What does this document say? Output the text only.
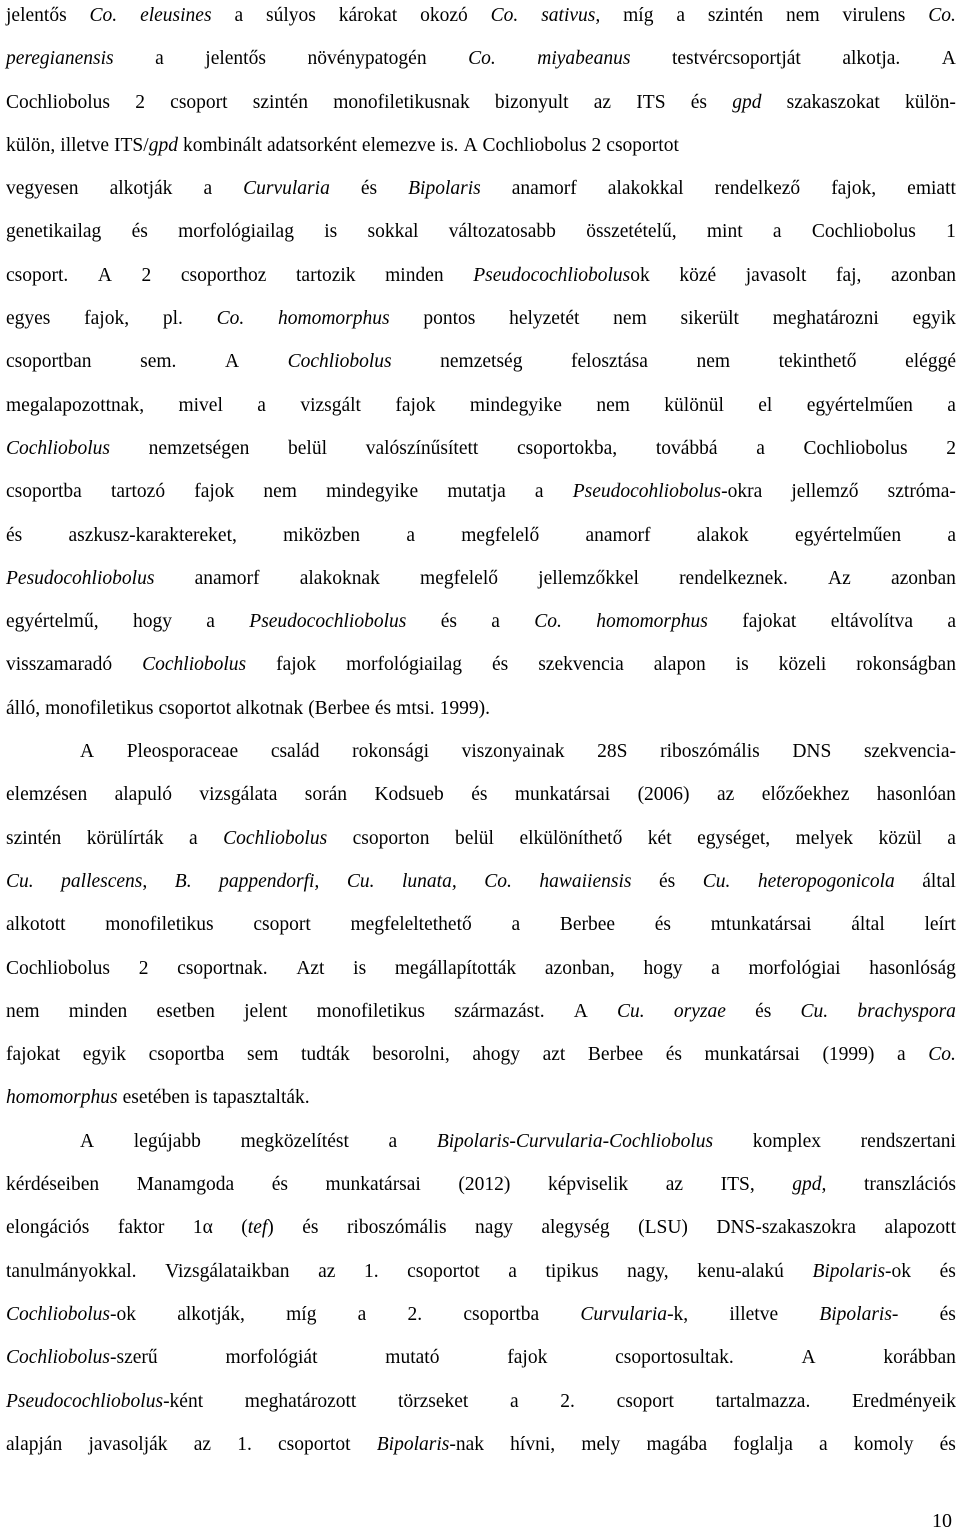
jelentős Co. eleusines a súlyos károkat okozó Co. sativus, míg a szintén nem virulens Co.
peregianensis a jelentős növénypatogén Co. miyabeanus testvércsoportját alkotja. A
Cochliobolus 2 csoport szintén monofiletikusnak bizonyult az ITS és gpd szakaszokat külön-
külön, illetve ITS/gpd kombinált adatsorként elemezve is. A Cochliobolus 2 csoportot
vegyesen alkotják a Curvularia és Bipolaris anamorf alakokkal rendelkező fajok, emiatt
genetikailag és morfológiailag is sokkal változatosabb összetételű, mint a Cochliobolus 1
csoport. A 2 csoporthoz tartozik minden Pseudocochliobolusok közé javasolt faj, azonban
egyes fajok, pl. Co. homomorphus pontos helyzetét nem sikerült meghatározni egyik
csoportban sem. A Cochliobolus nemzetség felosztása nem tekinthető eléggé
megalapozottnak, mivel a vizsgált fajok mindegyike nem különül el egyértelműen a
Cochliobolus nemzetségen belül valószínűsített csoportokba, továbbá a Cochliobolus 2
csoportba tartozó fajok nem mindegyike mutatja a Pseudocohliobolus-okra jellemző sztróma-
és aszkusz-karaktereket, miközben a megfelelő anamorf alakok egyértelműen a
Pesudocohliobolus anamorf alakoknak megfelelő jellemzőkkel rendelkeznek. Az azonban
egyértelmű, hogy a Pseudocochliobolus és a Co. homomorphus fajokat eltávolítva a
visszamaradó Cochliobolus fajok morfológiailag és szekvencia alapon is közeli rokonságban
álló, monofiletikus csoportot alkotnak (Berbee és mtsi. 1999).
A Pleosporaceae család rokonsági viszonyainak 28S riboszómális DNS szekvencia-
elemzésen alapuló vizsgálata során Kodsueb és munkatársai (2006) az előzőekhez hasonlóan
szintén körülírták a Cochliobolus csoporton belül elkülöníthető két egységet, melyek közül a
Cu. pallescens, B. pappendorfi, Cu. lunata, Co. hawaiiensis és Cu. heteropogonicola által
alkotott monofiletikus csoport megfeleltethető a Berbee és mtunkatársai által leírt
Cochliobolus 2 csoportnak. Azt is megállapították azonban, hogy a morfológiai hasonlóság
nem minden esetben jelent monofiletikus származást. A Cu. oryzae és Cu. brachyspora
fajokat egyik csoportba sem tudták besorolni, ahogy azt Berbee és munkatársai (1999) a Co.
homomorphus esetében is tapasztalták.
A legújabb megközelítést a Bipolaris-Curvularia-Cochliobolus komplex rendszertani
kérdéseiben Manamgoda és munkatársai (2012) képviselik az ITS, gpd, transzlációs
elongációs faktor 1α (tef) és riboszómális nagy alegység (LSU) DNS-szakaszokra alapozott
tanulmányokkal. Vizsgálataikban az 1. csoportot a tipikus nagy, kenu-alakú Bipolaris-ok és
Cochliobolus-ok alkotják, míg a 2. csoportba Curvularia-k, illetve Bipolaris- és
Cochliobolus-szerű	morfológiát	mutató	fajok	csoportosultak.	A	korábban
Pseudocochliobolus-ként meghatározott törzseket a 2. csoport tartalmazza. Eredményeik
alapján javasolják az 1. csoportot Bipolaris-nak hívni, mely magába foglalja a komoly és
10
